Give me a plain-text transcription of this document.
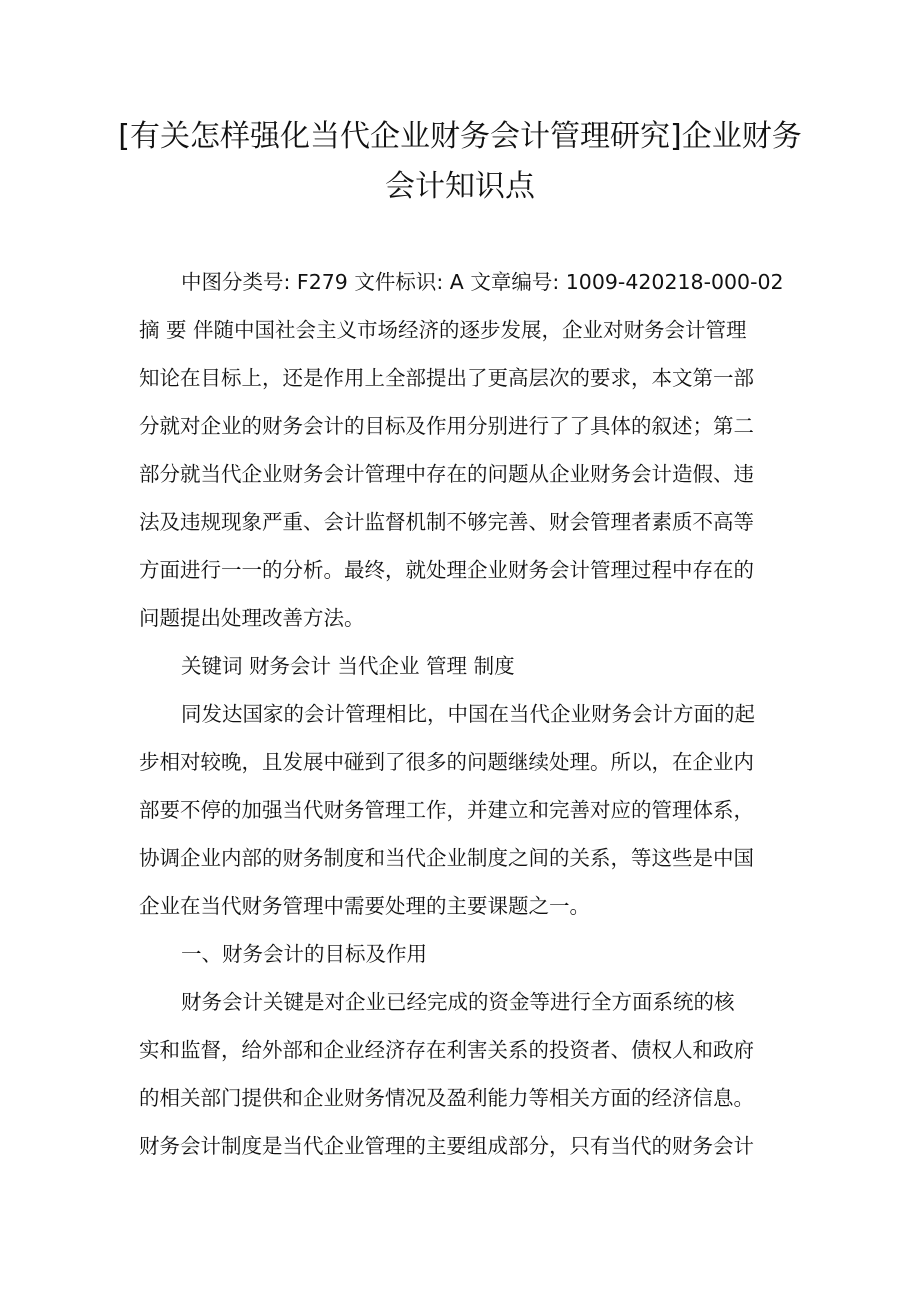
[有关怎样强化当代企业财务会计管理研究]企业财务
会计知识点
中图分类号: F279 文件标识: A 文章编号: 1009-420218-000-02
摘 要 伴随中国社会主义市场经济的逐步发展，企业对财务会计管理
知论在目标上，还是作用上全部提出了更高层次的要求，本文第一部
分就对企业的财务会计的目标及作用分别进行了了具体的叙述；第二
部分就当代企业财务会计管理中存在的问题从企业财务会计造假、违
法及违规现象严重、会计监督机制不够完善、财会管理者素质不高等
方面进行一一的分析。最终，就处理企业财务会计管理过程中存在的
问题提出处理改善方法。
关键词 财务会计 当代企业 管理 制度
同发达国家的会计管理相比，中国在当代企业财务会计方面的起
步相对较晚，且发展中碰到了很多的问题继续处理。所以，在企业内
部要不停的加强当代财务管理工作，并建立和完善对应的管理体系，
协调企业内部的财务制度和当代企业制度之间的关系，等这些是中国
企业在当代财务管理中需要处理的主要课题之一。
一、财务会计的目标及作用
财务会计关键是对企业已经完成的资金等进行全方面系统的核
实和监督，给外部和企业经济存在利害关系的投资者、债权人和政府
的相关部门提供和企业财务情况及盈利能力等相关方面的经济信息。
财务会计制度是当代企业管理的主要组成部分，只有当代的财务会计
